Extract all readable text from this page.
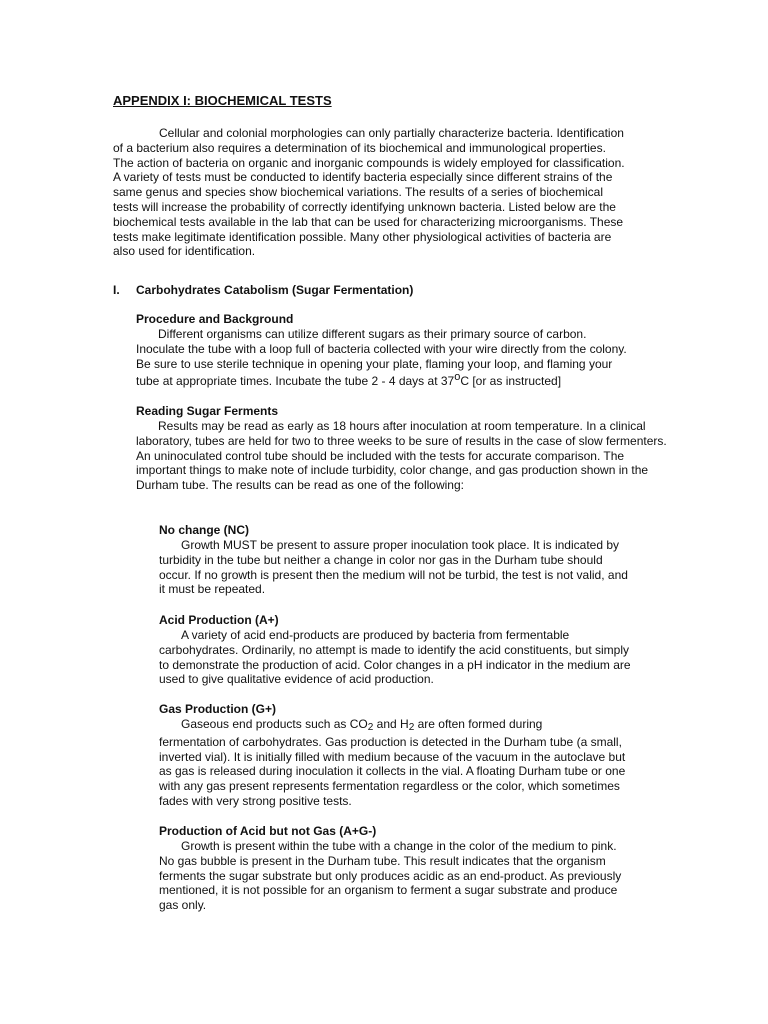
APPENDIX I: BIOCHEMICAL TESTS
Cellular and colonial morphologies can only partially characterize bacteria. Identification
of a bacterium also requires a determination of its biochemical and immunological properties.
The action of bacteria on organic and inorganic compounds is widely employed for classification.
A variety of tests must be conducted to identify bacteria especially since different strains of the
same genus and species show biochemical variations. The results of a series of biochemical
tests will increase the probability of correctly identifying unknown bacteria. Listed below are the
biochemical tests available in the lab that can be used for characterizing microorganisms. These
tests make legitimate identification possible. Many other physiological activities of bacteria are
also used for identification.
I. Carbohydrates Catabolism (Sugar Fermentation)
Procedure and Background
Different organisms can utilize different sugars as their primary source of carbon.
Inoculate the tube with a loop full of bacteria collected with your wire directly from the colony.
Be sure to use sterile technique in opening your plate, flaming your loop, and flaming your
tube at appropriate times. Incubate the tube 2 - 4 days at 37$^o$C [or as instructed]
Reading Sugar Ferments
Results may be read as early as 18 hours after inoculation at room temperature. In a clinical
laboratory, tubes are held for two to three weeks to be sure of results in the case of slow fermenters.
An uninoculated control tube should be included with the tests for accurate comparison. The
important things to make note of include turbidity, color change, and gas production shown in the
Durham tube. The results can be read as one of the following:
No change (NC)
Growth MUST be present to assure proper inoculation took place. It is indicated by
turbidity in the tube but neither a change in color nor gas in the Durham tube should
occur. If no growth is present then the medium will not be turbid, the test is not valid, and
it must be repeated.
Acid Production (A+)
A variety of acid end-products are produced by bacteria from fermentable
carbohydrates. Ordinarily, no attempt is made to identify the acid constituents, but simply
to demonstrate the production of acid. Color changes in a pH indicator in the medium are
used to give qualitative evidence of acid production.
Gas Production (G+)
Gaseous end products such as $CO_2$ and $H_2$ are often formed during
fermentation of carbohydrates. Gas production is detected in the Durham tube (a small,
inverted vial). It is initially filled with medium because of the vacuum in the autoclave but
as gas is released during inoculation it collects in the vial. A floating Durham tube or one
with any gas present represents fermentation regardless or the color, which sometimes
fades with very strong positive tests.
Production of Acid but not Gas (A+G-)
Growth is present within the tube with a change in the color of the medium to pink.
No gas bubble is present in the Durham tube. This result indicates that the organism
ferments the sugar substrate but only produces acidic as an end-product. As previously
mentioned, it is not possible for an organism to ferment a sugar substrate and produce
gas only.
